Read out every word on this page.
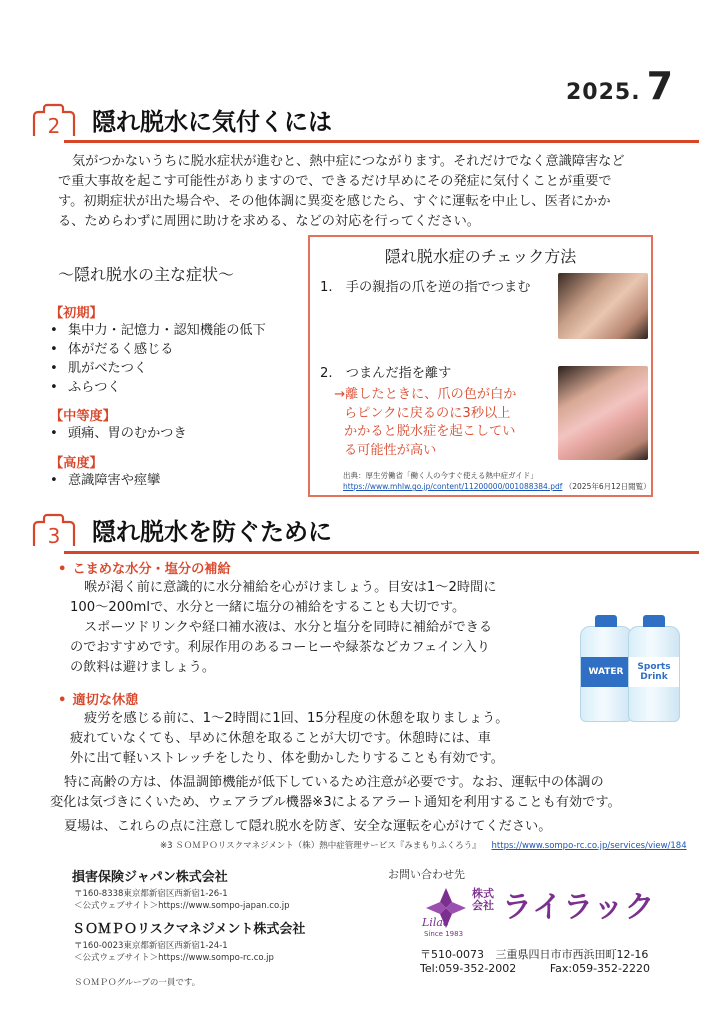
2025. 7
2 隠れ脱水に気付くには
気がつかないうちに脱水症状が進むと、熱中症につながります。それだけでなく意識障害など
で重大事故を起こす可能性がありますので、できるだけ早めにその発症に気付くことが重要で
す。初期症状が出た場合や、その他体調に異変を感じたら、すぐに運転を中止し、医者にかか
る、ためらわずに周囲に助けを求める、などの対応を行ってください。
～隠れ脱水の主な症状～
【初期】
• 集中力・記憶力・認知機能の低下
• 体がだるく感じる
• 肌がべたつく
• ふらつく
【中等度】
• 頭痛、胃のむかつき
【高度】
• 意識障害や痙攣
隠れ脱水症のチェック方法
1.　手の親指の爪を逆の指でつまむ
2.　つまんだ指を離す
→離したときに、爪の色が白か
らピンクに戻るのに3秒以上
かかると脱水症を起こしてい
る可能性が高い
出典：厚生労働省「働く人の今すぐ使える熱中症ガイド」
https://www.mhlw.go.jp/content/11200000/001088384.pdf （2025年6月12日閲覧）
3 隠れ脱水を防ぐために
• こまめな水分・塩分の補給
喉が渇く前に意識的に水分補給を心がけましょう。目安は1～2時間に
100～200mlで、水分と一緒に塩分の補給をすることも大切です。
スポーツドリンクや経口補水液は、水分と塩分を同時に補給ができる
のでおすすめです。利尿作用のあるコーヒーや緑茶などカフェイン入り
の飲料は避けましょう。	WATER	Sports Drink
• 適切な休憩
疲労を感じる前に、1～2時間に1回、15分程度の休憩を取りましょう。
疲れていなくても、早めに休憩を取ることが大切です。休憩時には、車
外に出て軽いストレッチをしたり、体を動かしたりすることも有効です。
特に高齢の方は、体温調節機能が低下しているため注意が必要です。なお、運転中の体調の
変化は気づきにくいため、ウェアラブル機器※3によるアラート通知を利用することも有効です。
夏場は、これらの点に注意して隠れ脱水を防ぎ、安全な運転を心がけてください。
※3 ＳＯＭＰＯリスクマネジメント（株）熱中症管理サービス『みまもりふくろう』 https://www.sompo-rc.co.jp/services/view/184
損害保険ジャパン株式会社
〒160-8338東京都新宿区西新宿1-26-1
＜公式ウェブサイト＞https://www.sompo-japan.co.jp
ＳＯＭＰＯリスクマネジメント株式会社
〒160-0023東京都新宿区西新宿1-24-1
＜公式ウェブサイト＞https://www.sompo-rc.co.jp
ＳＯＭＰＯグループの一員です。
お問い合わせ先
Lilac
Since 1983
株式
会社 ライラック
〒510-0073 三重県四日市市西浜田町12-16
Tel:059-352-2002	Fax:059-352-2220
